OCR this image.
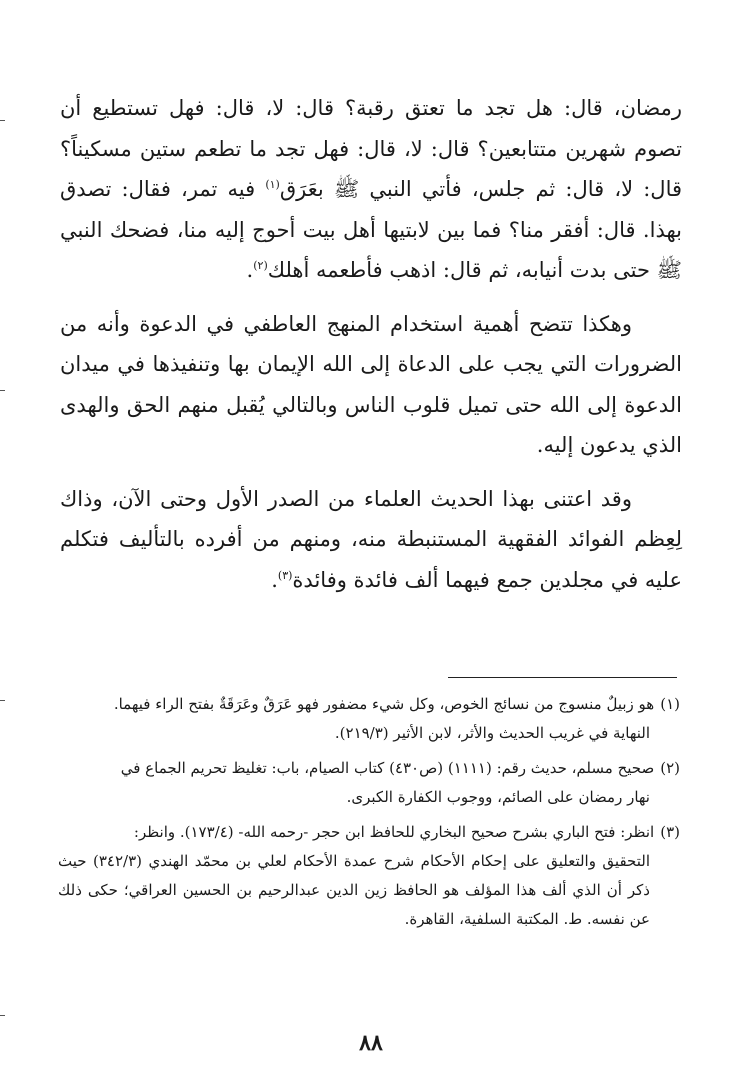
رمضان، قال: هل تجد ما تعتق رقبة؟ قال: لا، قال: فهل تستطيع أن تصوم شهرين متتابعين؟ قال: لا، قال: فهل تجد ما تطعم ستين مسكيناً؟ قال: لا، قال: ثم جلس، فأتي النبي ﷺ بعَرَق$^{(١)}$ فيه تمر، فقال: تصدق بهذا. قال: أفقر منا؟ فما بين لابتيها أهل بيت أحوج إليه منا، فضحك النبي ﷺ حتى بدت أنيابه، ثم قال: اذهب فأطعمه أهلك$^{(٢)}$.

وهكذا تتضح أهمية استخدام المنهج العاطفي في الدعوة وأنه من الضرورات التي يجب على الدعاة إلى الله الإيمان بها وتنفيذها في ميدان الدعوة إلى الله حتى تميل قلوب الناس وبالتالي يُقبل منهم الحق والهدى الذي يدعون إليه.

وقد اعتنى بهذا الحديث العلماء من الصدر الأول وحتى الآن، وذاك لِعِظم الفوائد الفقهية المستنبطة منه، ومنهم من أفرده بالتأليف فتكلم عليه في مجلدين جمع فيهما ألف فائدة وفائدة$^{(٣)}$.

(١)هو زبيلٌ منسوج من نسائج الخوص، وكل شيء مضفور فهو عَرَقٌ وعَرَقَةٌ بفتح الراء فيهما.
النهاية في غريب الحديث والأثر، لابن الأثير (٢١٩/٣).
(٢)صحيح مسلم، حديث رقم: (١١١١) (ص٤٣٠) كتاب الصيام، باب: تغليظ تحريم الجماع في
نهار رمضان على الصائم، ووجوب الكفارة الكبرى.
(٣)انظر: فتح الباري بشرح صحيح البخاري للحافظ ابن حجر -رحمه الله- (١٧٣/٤). وانظر:
التحقيق والتعليق على إحكام الأحكام شرح عمدة الأحكام لعلي بن محمّد الهندي (٣٤٢/٣) حيث ذكر أن الذي ألف هذا المؤلف هو الحافظ زين الدين عبدالرحيم بن الحسين العراقي؛ حكى ذلك عن نفسه. ط. المكتبة السلفية، القاهرة.
٨٨
